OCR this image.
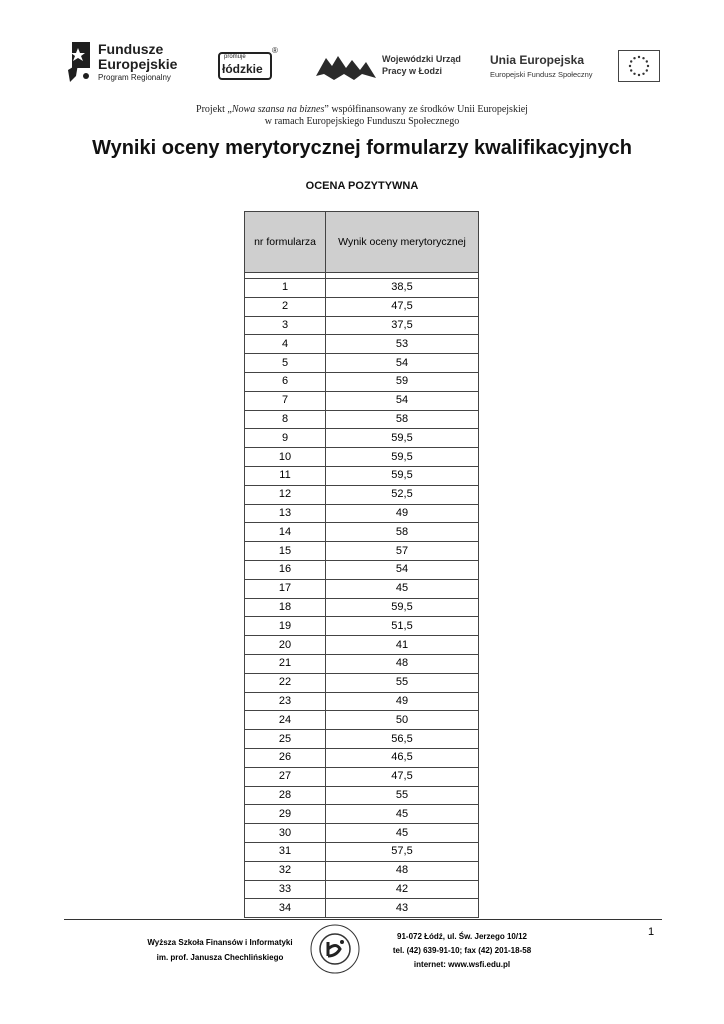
Fundusze
Europejskie
Program Regionalny
promuje
łódzkie
®
Wojewódzki Urząd
Pracy w Łodzi
Unia Europejska
Europejski Fundusz Społeczny
Projekt „Nowa szansa na biznes” współfinansowany ze środków Unii Europejskiej
w ramach Europejskiego Funduszu Społecznego
Wyniki oceny merytorycznej formularzy kwalifikacyjnych
OCENA POZYTYWNA
nr formularza	Wynik oceny merytorycznej

1	38,5
2	47,5
3	37,5
4	53
5	54
6	59
7	54
8	58
9	59,5
10	59,5
11	59,5
12	52,5
13	49
14	58
15	57
16	54
17	45
18	59,5
19	51,5
20	41
21	48
22	55
23	49
24	50
25	56,5
26	46,5
27	47,5
28	55
29	45
30	45
31	57,5
32	48
33	42
34	43
1
Wyższa Szkoła Finansów i Informatyki
im. prof. Janusza Chechlińskiego
91-072 Łódź, ul. Św. Jerzego 10/12
tel. (42) 639-91-10; fax (42) 201-18-58
internet: www.wsfi.edu.pl
